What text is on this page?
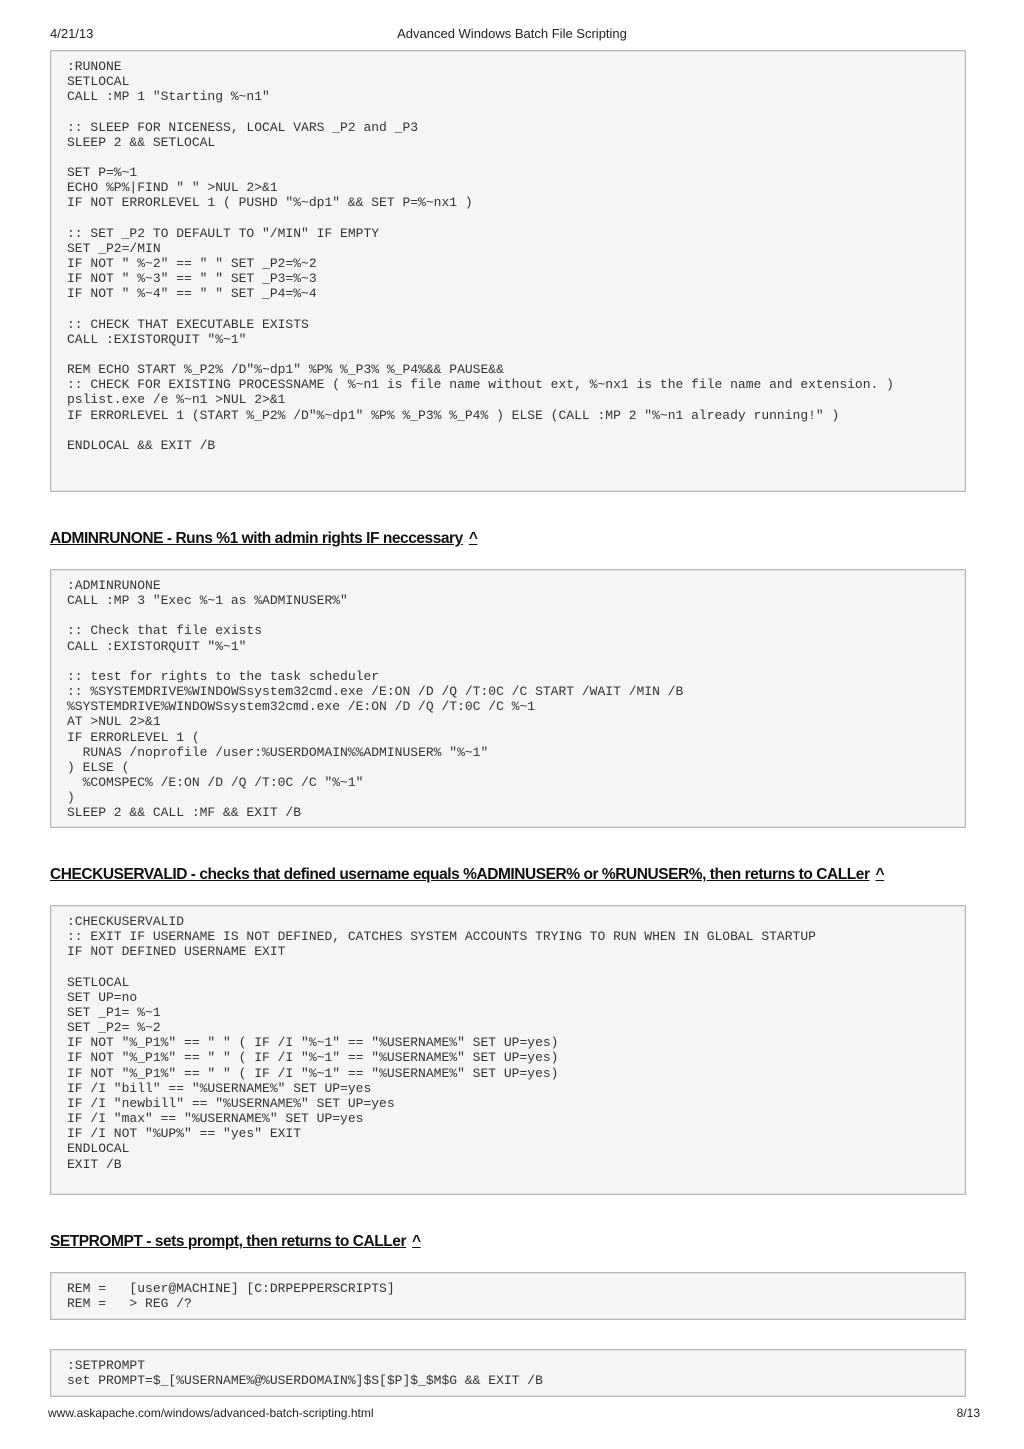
4/21/13	Advanced Windows Batch File Scripting
:RUNONE
SETLOCAL
CALL :MP 1 "Starting %~n1"

:: SLEEP FOR NICENESS, LOCAL VARS _P2 and _P3
SLEEP 2 && SETLOCAL

SET P=%~1
ECHO %P%|FIND " " >NUL 2>&1
IF NOT ERRORLEVEL 1 ( PUSHD "%~dp1" && SET P=%~nx1 )

:: SET _P2 TO DEFAULT TO "/MIN" IF EMPTY
SET _P2=/MIN
IF NOT " %~2" == " " SET _P2=%~2
IF NOT " %~3" == " " SET _P3=%~3
IF NOT " %~4" == " " SET _P4=%~4

:: CHECK THAT EXECUTABLE EXISTS
CALL :EXISTORQUIT "%~1"

REM ECHO START %_P2% /D"%~dp1" %P% %_P3% %_P4%&& PAUSE&&
:: CHECK FOR EXISTING PROCESSNAME ( %~n1 is file name without ext, %~nx1 is the file name and extension. )
pslist.exe /e %~n1 >NUL 2>&1
IF ERRORLEVEL 1 (START %_P2% /D"%~dp1" %P% %_P3% %_P4% ) ELSE (CALL :MP 2 "%~n1 already running!" )

ENDLOCAL && EXIT /B
ADMINRUNONE - Runs %1 with admin rights IF neccessary ^
:ADMINRUNONE
CALL :MP 3 "Exec %~1 as %ADMINUSER%"

:: Check that file exists
CALL :EXISTORQUIT "%~1"

:: test for rights to the task scheduler
:: %SYSTEMDRIVE%WINDOWSsystem32cmd.exe /E:ON /D /Q /T:0C /C START /WAIT /MIN /B
%SYSTEMDRIVE%WINDOWSsystem32cmd.exe /E:ON /D /Q /T:0C /C %~1
AT >NUL 2>&1
IF ERRORLEVEL 1 (
RUNAS /noprofile /user:%USERDOMAIN%%ADMINUSER% "%~1"
) ELSE (
%COMSPEC% /E:ON /D /Q /T:0C /C "%~1"
)
SLEEP 2 && CALL :MF && EXIT /B
CHECKUSERVALID - checks that defined username equals %ADMINUSER% or %RUNUSER%, then returns to CALLer ^
:CHECKUSERVALID
:: EXIT IF USERNAME IS NOT DEFINED, CATCHES SYSTEM ACCOUNTS TRYING TO RUN WHEN IN GLOBAL STARTUP
IF NOT DEFINED USERNAME EXIT

SETLOCAL
SET UP=no
SET _P1= %~1
SET _P2= %~2
IF NOT "%_P1%" == " " ( IF /I "%~1" == "%USERNAME%" SET UP=yes)
IF NOT "%_P1%" == " " ( IF /I "%~1" == "%USERNAME%" SET UP=yes)
IF NOT "%_P1%" == " " ( IF /I "%~1" == "%USERNAME%" SET UP=yes)
IF /I "bill" == "%USERNAME%" SET UP=yes
IF /I "newbill" == "%USERNAME%" SET UP=yes
IF /I "max" == "%USERNAME%" SET UP=yes
IF /I NOT "%UP%" == "yes" EXIT
ENDLOCAL
EXIT /B
SETPROMPT - sets prompt, then returns to CALLer ^
REM =   [user@MACHINE] [C:DRPEPPERSCRIPTS]
REM =   > REG /?
:SETPROMPT
set PROMPT=$_[%USERNAME%@%USERDOMAIN%]$S[$P]$_$M$G && EXIT /B
www.askapache.com/windows/advanced-batch-scripting.html	8/13
